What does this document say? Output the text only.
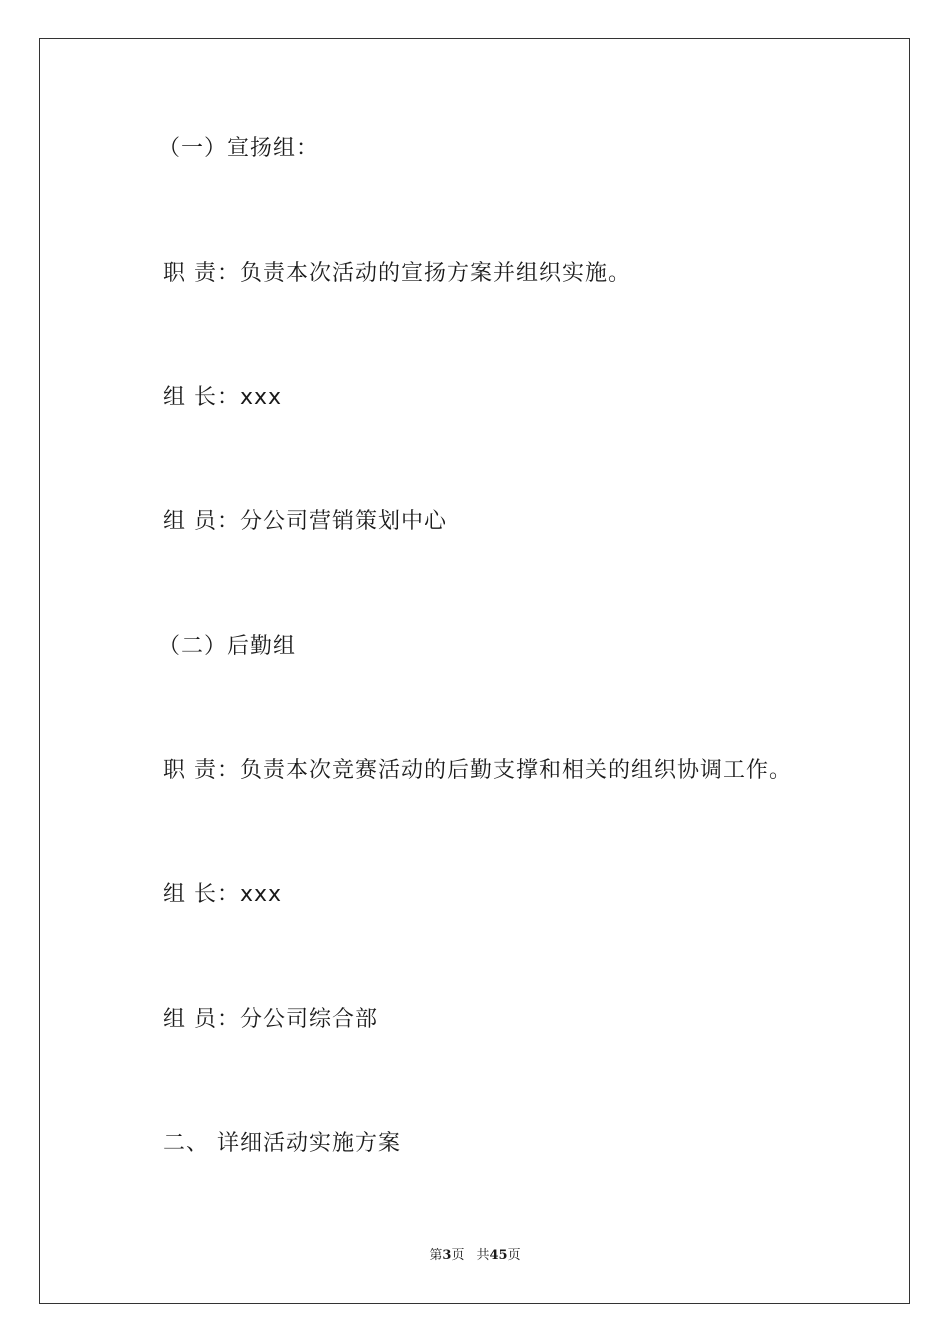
（一）宣扬组：
职 责：负责本次活动的宣扬方案并组织实施。
组 长：xxx
组 员：分公司营销策划中心
（二）后勤组
职 责：负责本次竞赛活动的后勤支撑和相关的组织协调工作。
组 长：xxx
组 员：分公司综合部
二、 详细活动实施方案
第3页 共45页
